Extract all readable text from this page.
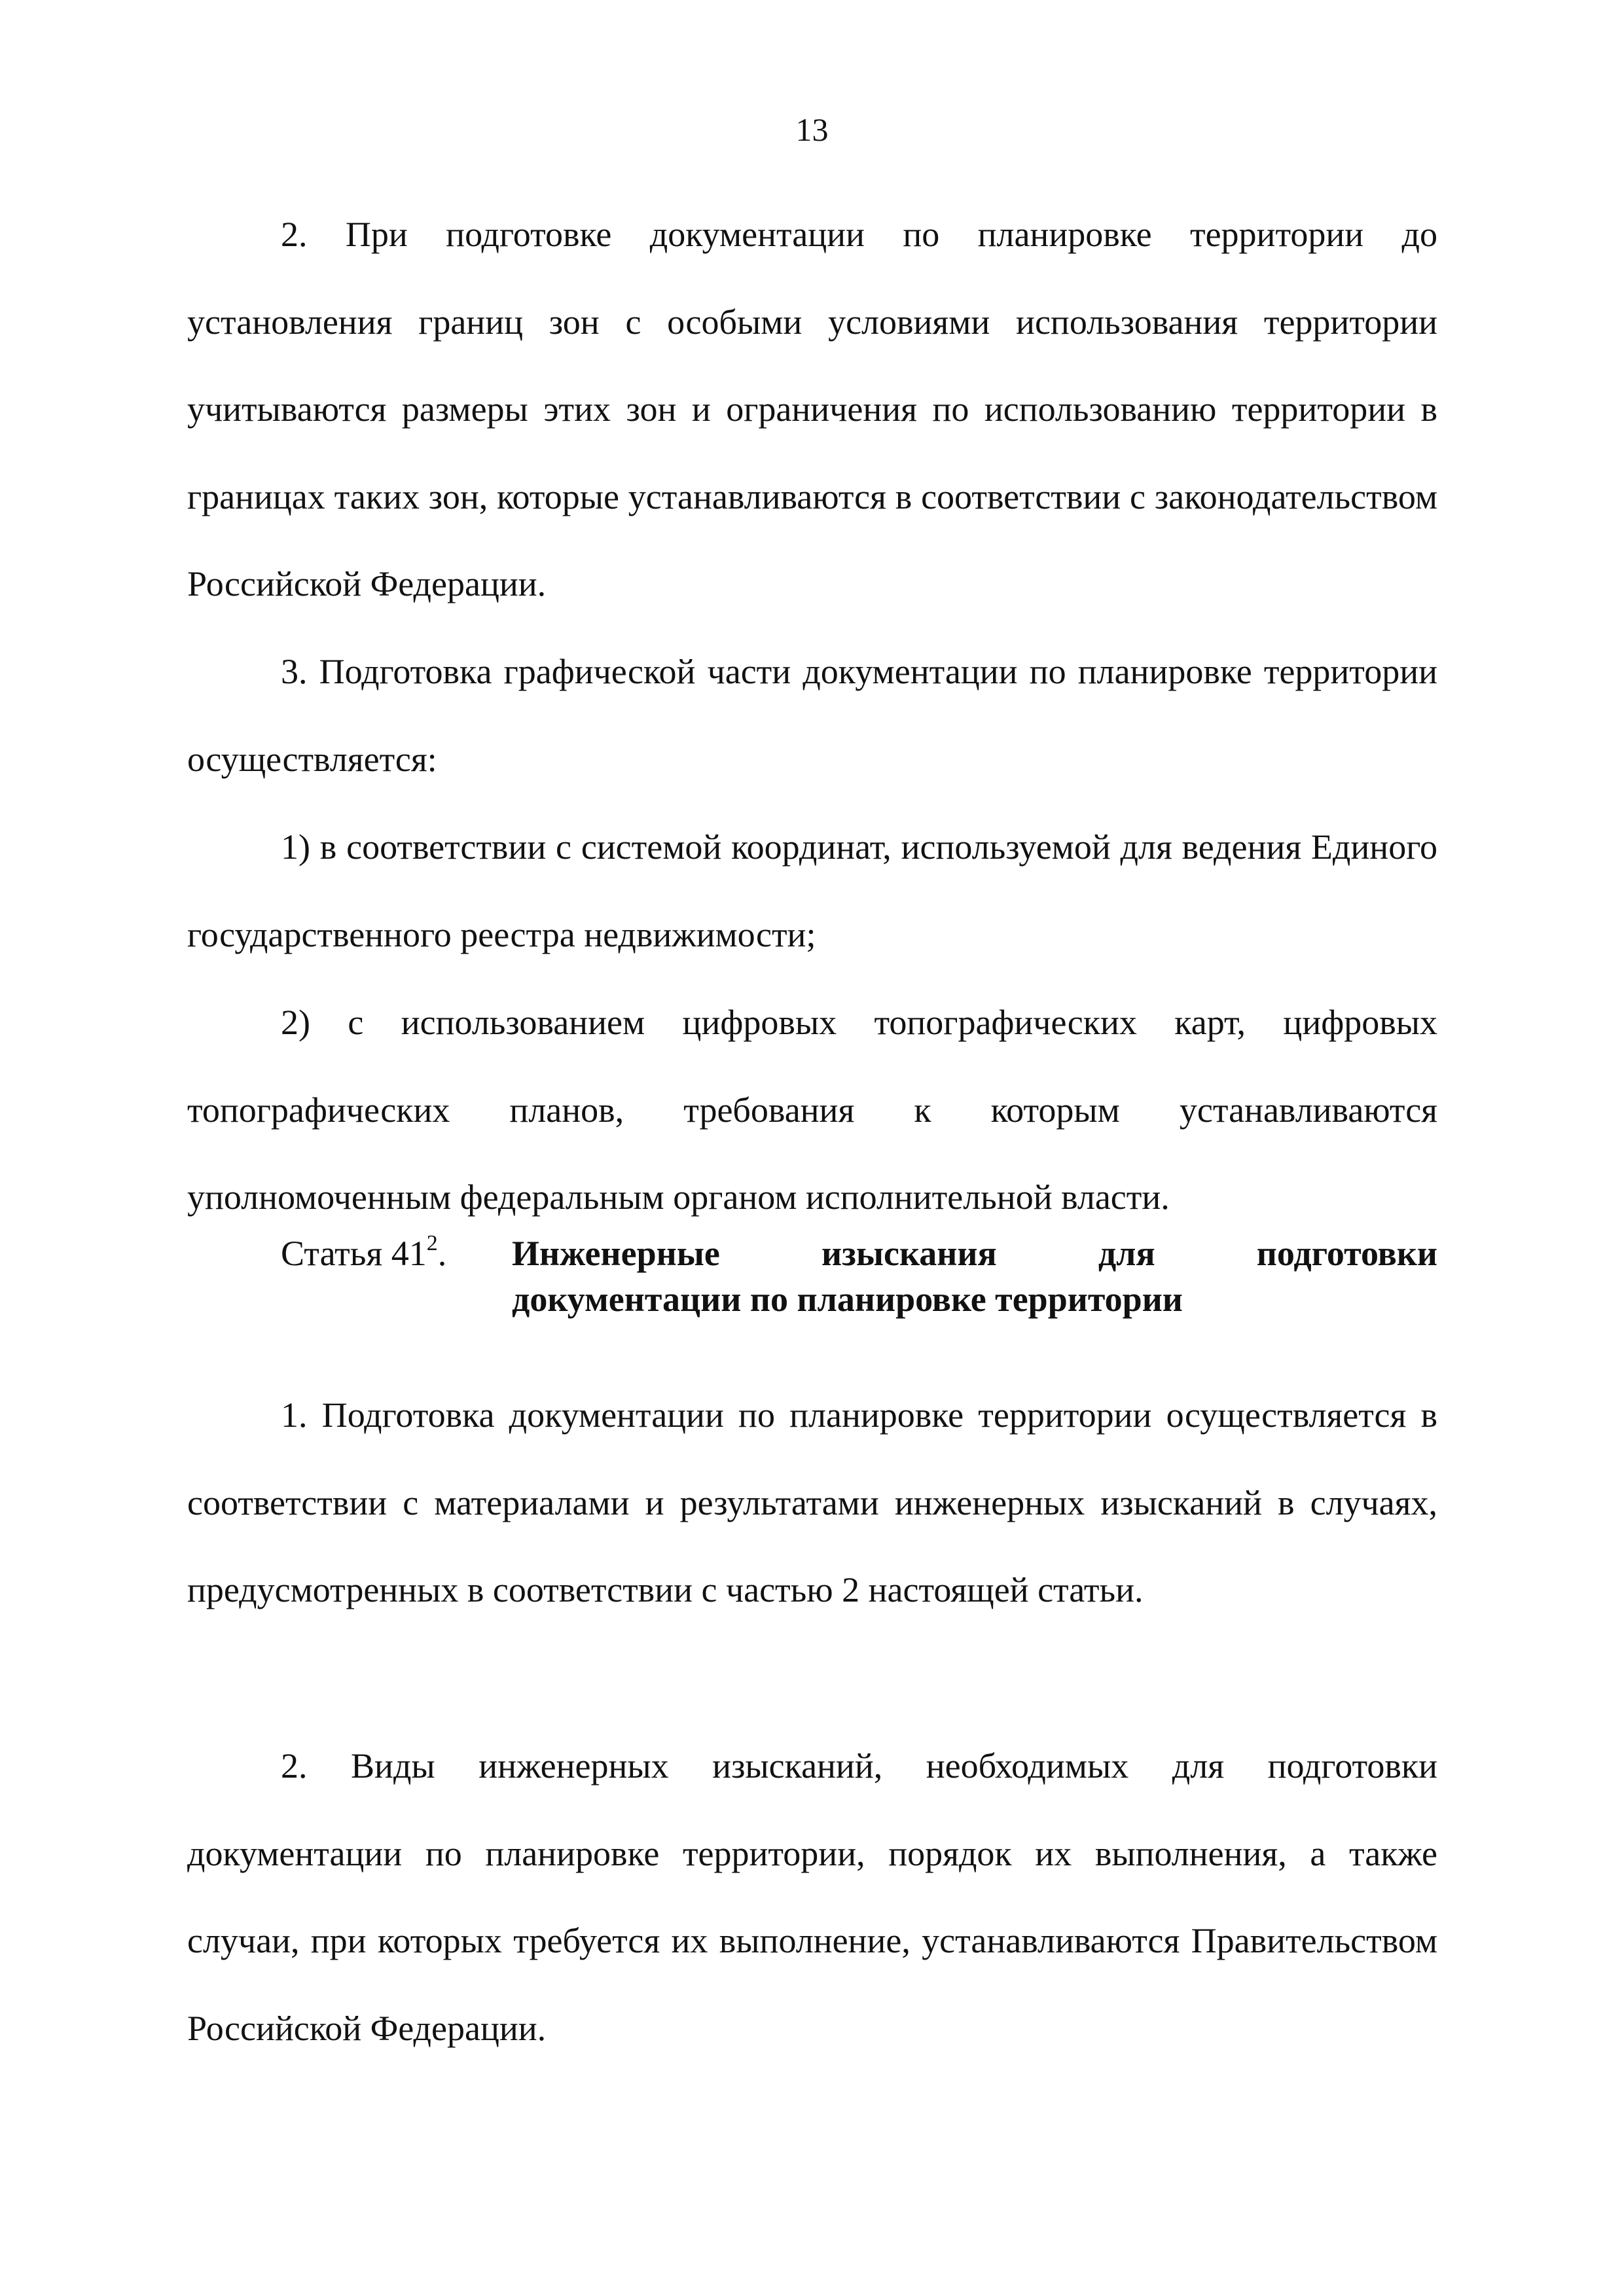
13

2. При подготовке документации по планировке территории до установления границ зон с особыми условиями использования территории учитываются размеры этих зон и ограничения по использованию территории в границах таких зон, которые устанавливаются в соответствии с законодательством Российской Федерации.

3. Подготовка графической части документации по планировке территории осуществляется:

1) в соответствии с системой координат, используемой для ведения Единого государственного реестра недвижимости;

2) с использованием цифровых топографических карт, цифровых топографических планов, требования к которым устанавливаются уполномоченным федеральным органом исполнительной власти.

Статья $41^2$. Инженерные изыскания для подготовки
документации по планировке территории

1. Подготовка документации по планировке территории осуществляется в соответствии с материалами и результатами инженерных изысканий в случаях, предусмотренных в соответствии с частью 2 настоящей статьи.

2. Виды инженерных изысканий, необходимых для подготовки документации по планировке территории, порядок их выполнения, а также случаи, при которых требуется их выполнение, устанавливаются Правительством Российской Федерации.
